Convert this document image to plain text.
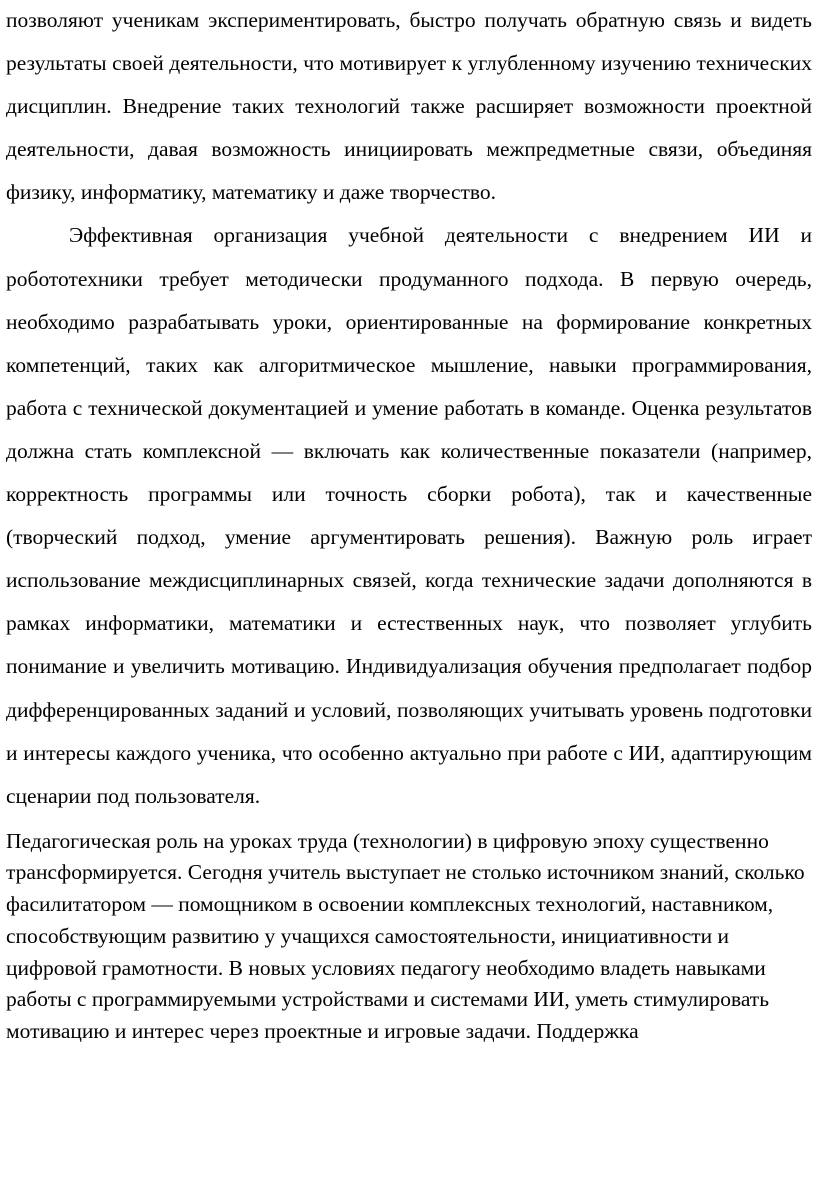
позволяют ученикам экспериментировать, быстро получать обратную связь и видеть результаты своей деятельности, что мотивирует к углубленному изучению технических дисциплин. Внедрение таких технологий также расширяет возможности проектной деятельности, давая возможность инициировать межпредметные связи, объединяя физику, информатику, математику и даже творчество.

Эффективная организация учебной деятельности с внедрением ИИ и робототехники требует методически продуманного подхода. В первую очередь, необходимо разрабатывать уроки, ориентированные на формирование конкретных компетенций, таких как алгоритмическое мышление, навыки программирования, работа с технической документацией и умение работать в команде. Оценка результатов должна стать комплексной — включать как количественные показатели (например, корректность программы или точность сборки робота), так и качественные (творческий подход, умение аргументировать решения). Важную роль играет использование междисциплинарных связей, когда технические задачи дополняются в рамках информатики, математики и естественных наук, что позволяет углубить понимание и увеличить мотивацию. Индивидуализация обучения предполагает подбор дифференцированных заданий и условий, позволяющих учитывать уровень подготовки и интересы каждого ученика, что особенно актуально при работе с ИИ, адаптирующим сценарии под пользователя.

Педагогическая роль на уроках труда (технологии) в цифровую эпоху существенно трансформируется. Сегодня учитель выступает не столько источником знаний, сколько фасилитатором — помощником в освоении комплексных технологий, наставником, способствующим развитию у учащихся самостоятельности, инициативности и цифровой грамотности. В новых условиях педагогу необходимо владеть навыками работы с программируемыми устройствами и системами ИИ, уметь стимулировать мотивацию и интерес через проектные и игровые задачи. Поддержка
